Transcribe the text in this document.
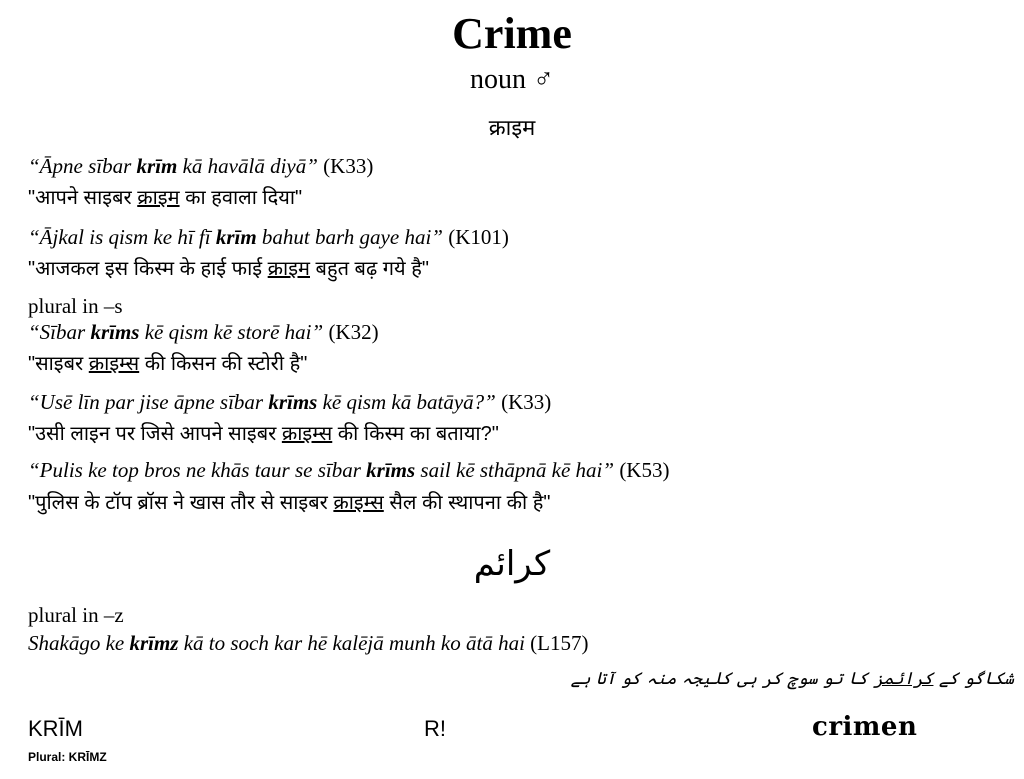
Crime
noun ♂
क्राइम
“Āpne sībar krīm kā havālā diyā” (K33)
"आपने साइबर क्राइम का हवाला दिया"
“Ājkal is qism ke hī fī krīm bahut barh gaye hai” (K101)
"आजकल इस किस्म के हाई फाई क्राइम बहुत बढ़ गये है"
plural in –s
“Sībar krīms kē qism kē storē hai” (K32)
"साइबर क्राइम्स की किसन की स्टोरी है"
“Usē līn par jise āpne sībar krīms kē qism kā batāyā?” (K33)
"उसी लाइन पर जिसे आपने साइबर क्राइम्स की किस्म का बताया?"
“Pulis ke top bros ne khās taur se sībar krīms sail kē sthāpnā kē hai” (K53)
"पुलिस के टॉप ब्रॉस ने खास तौर से साइबर क्राइम्स सैल की स्थापना की है"
کرائم
plural in –z
Shakāgo ke krīmz kā to soch kar hē kalējā munh ko ātā hai (L157)
شکاگو کے کرائمز کا تو سوچ کر ہی کلیجہ منہ کو آتا ہے
KRĪM
Plural: KRĪMZ
R!	crimen
